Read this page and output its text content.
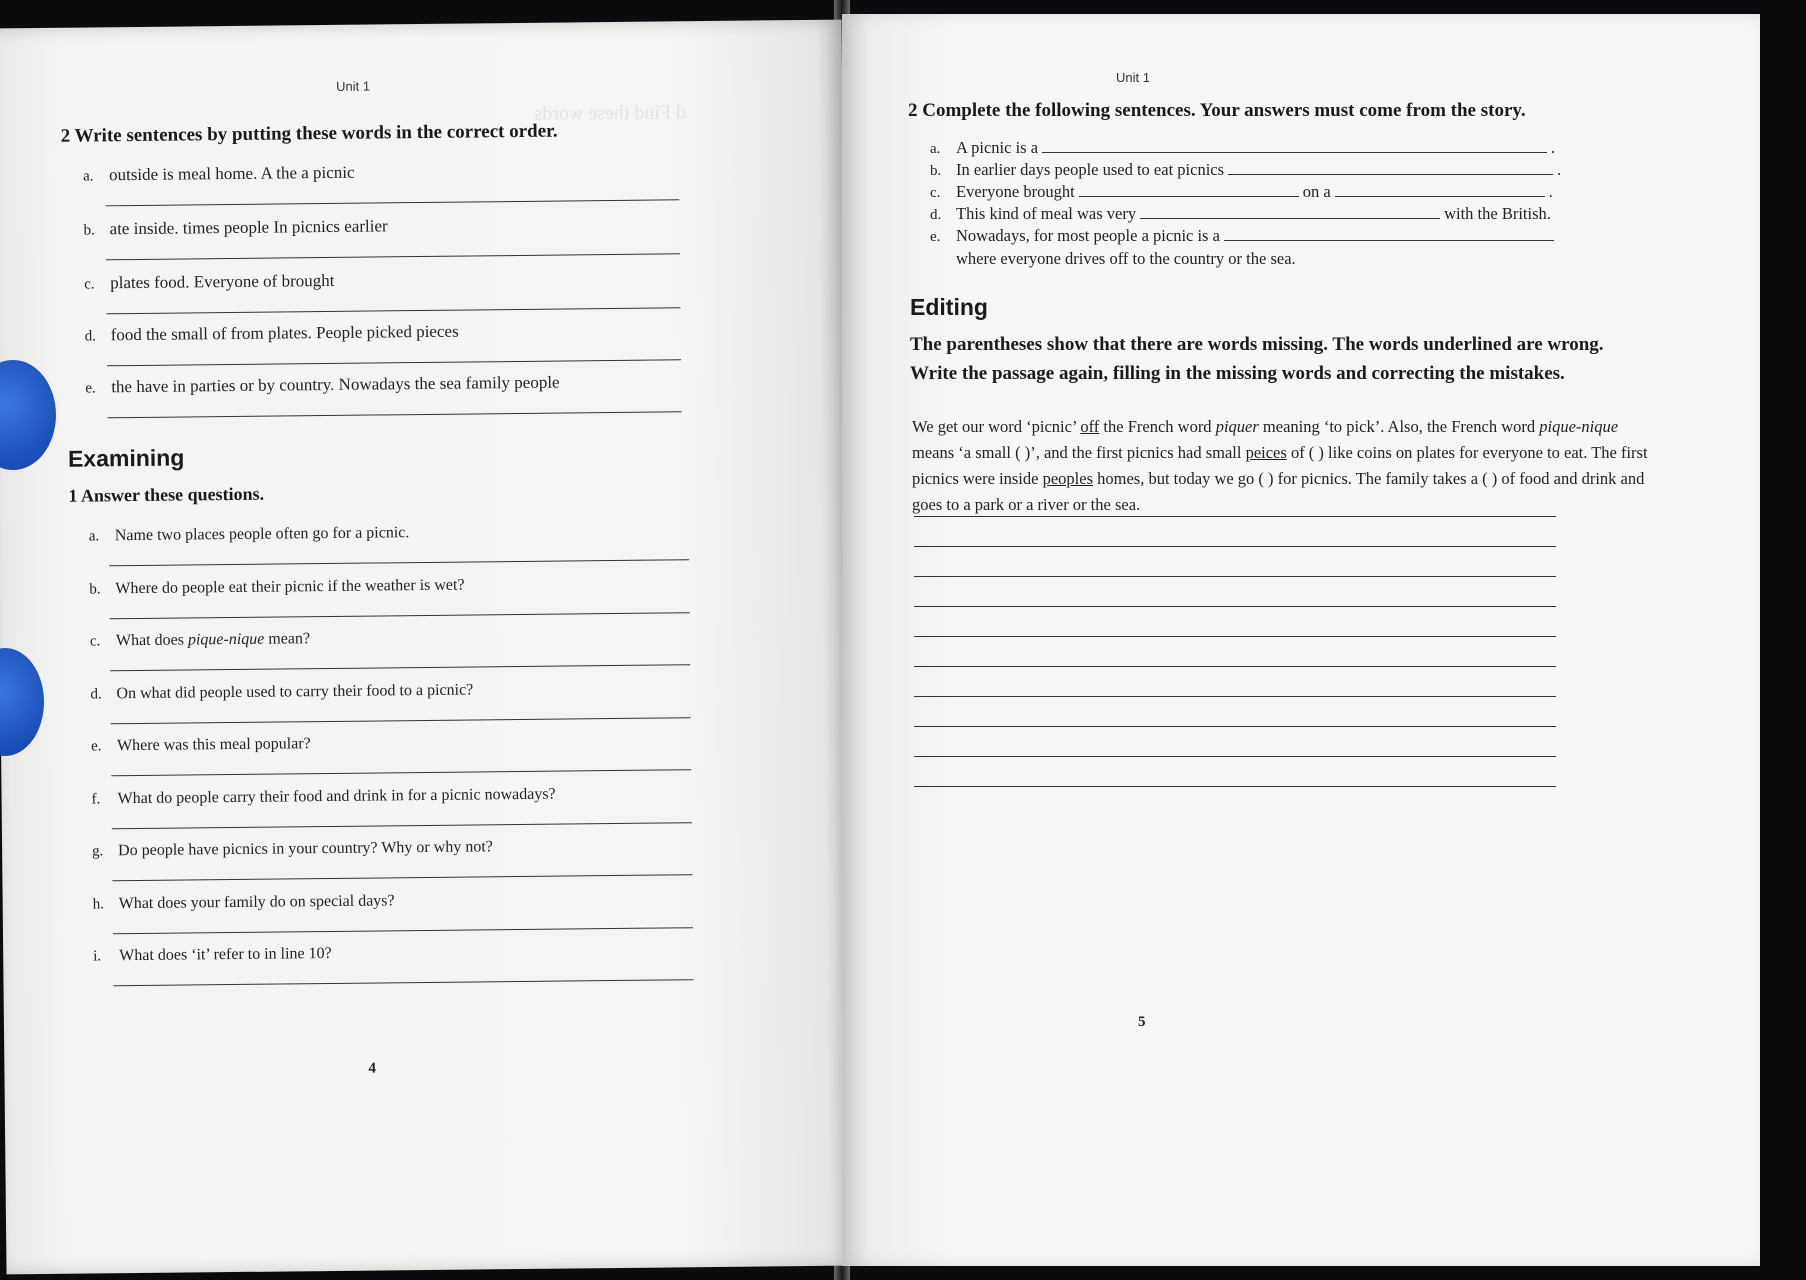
d Find these words
Unit 1
2 Write sentences by putting these words in the correct order.
a. outside is meal home. A the a picnic
b. ate inside. times people In picnics earlier
c. plates food. Everyone of brought
d. food the small of from plates. People picked pieces
e. the have in parties or by country. Nowadays the sea family people
Examining
1 Answer these questions.
a. Name two places people often go for a picnic.
b. Where do people eat their picnic if the weather is wet?
c. What does pique-nique mean?
d. On what did people used to carry their food to a picnic?
e. Where was this meal popular?
f. What do people carry their food and drink in for a picnic nowadays?
g. Do people have picnics in your country? Why or why not?
h. What does your family do on special days?
i. What does ‘it’ refer to in line 10?
4
Unit 1
2 Complete the following sentences. Your answers must come from the story.
a. A picnic is a	.
b. In earlier days people used to eat picnics	.
c. Everyone brought	on a	.
d. This kind of meal was very	with the British.
e. Nowadays, for most people a picnic is a
where everyone drives off to the country or the sea.
Editing
The parentheses show that there are words missing. The words underlined are wrong. Write the passage again, filling in the missing words and correcting the mistakes.
We get our word ‘picnic’ off the French word piquer meaning ‘to pick’. Also, the French word pique-nique means ‘a small ( )’, and the first picnics had small peices of ( ) like coins on plates for everyone to eat. The first picnics were inside peoples homes, but today we go ( ) for picnics. The family takes a ( ) of food and drink and goes to a park or a river or the sea.
5
